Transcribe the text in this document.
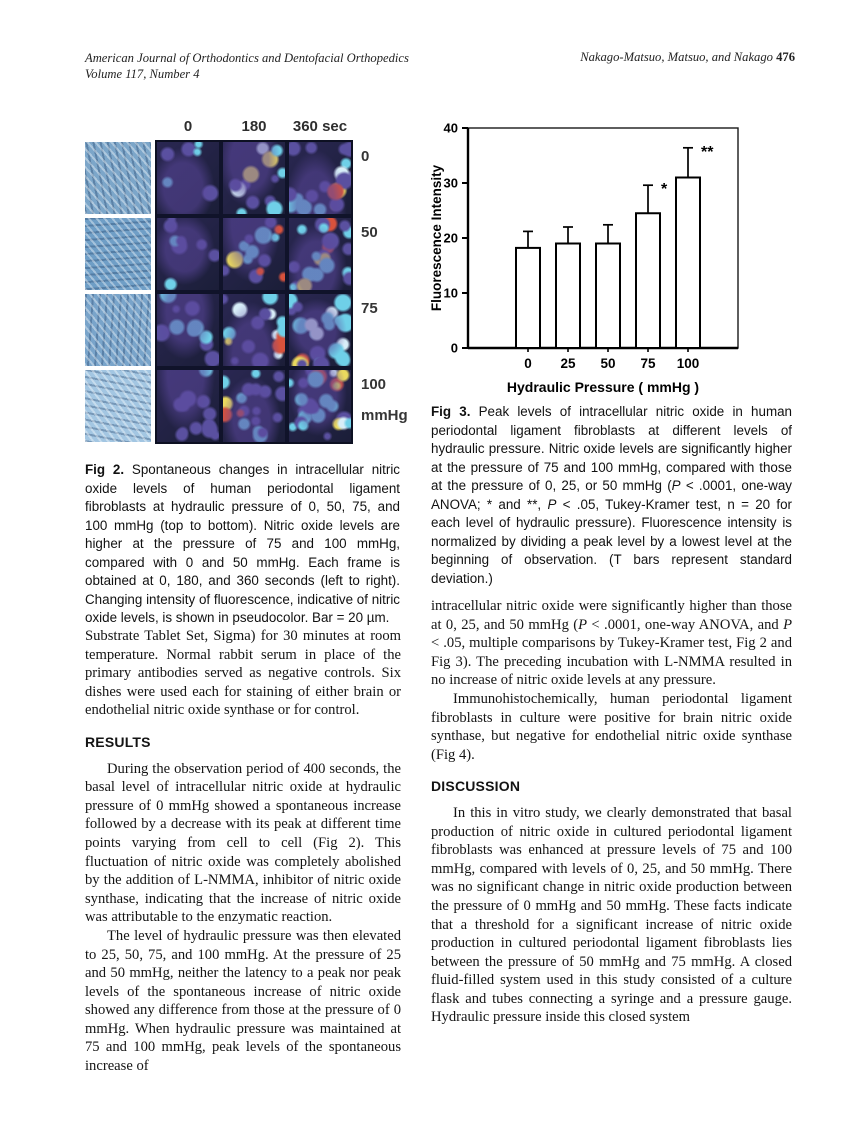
American Journal of Orthodontics and Dentofacial Orthopedics
Volume 117, Number 4
Nakago-Matsuo, Matsuo, and Nakago 476
0	180	360 sec
0
50
75
100
mmHg
Fig 2. Spontaneous changes in intracellular nitric oxide levels of human periodontal ligament fibroblasts at hydraulic pressure of 0, 50, 75, and 100 mmHg (top to bottom). Nitric oxide levels are higher at the pressure of 75 and 100 mmHg, compared with 0 and 50 mmHg. Each frame is obtained at 0, 180, and 360 seconds (left to right). Changing intensity of fluorescence, indicative of nitric oxide levels, is shown in pseudocolor. Bar = 20 µm.
0
10
20
30
40
0 25 50 75
*
100
**
Hydraulic Pressure ( mmHg )
Fluorescence Intensity
Fig 3. Peak levels of intracellular nitric oxide in human periodontal ligament fibroblasts at different levels of hydraulic pressure. Nitric oxide levels are significantly higher at the pressure of 75 and 100 mmHg, compared with those at the pressure of 0, 25, or 50 mmHg (P < .0001, one-way ANOVA; * and **, P < .05, Tukey-Kramer test, n = 20 for each level of hydraulic pressure). Fluorescence intensity is normalized by dividing a peak level by a lowest level at the beginning of observation. (T bars represent standard deviation.)

Substrate Tablet Set, Sigma) for 30 minutes at room temperature. Normal rabbit serum in place of the primary antibodies served as negative controls. Six dishes were used each for staining of either brain or endothelial nitric oxide synthase or for control.

RESULTS

During the observation period of 400 seconds, the basal level of intracellular nitric oxide at hydraulic pressure of 0 mmHg showed a spontaneous increase followed by a decrease with its peak at different time points varying from cell to cell (Fig 2). This fluctuation of nitric oxide was completely abolished by the addition of L-NMMA, inhibitor of nitric oxide synthase, indicating that the increase of nitric oxide was attributable to the enzymatic reaction.

The level of hydraulic pressure was then elevated to 25, 50, 75, and 100 mmHg. At the pressure of 25 and 50 mmHg, neither the latency to a peak nor peak levels of the spontaneous increase of nitric oxide showed any difference from those at the pressure of 0 mmHg. When hydraulic pressure was maintained at 75 and 100 mmHg, peak levels of the spontaneous increase of

intracellular nitric oxide were significantly higher than those at 0, 25, and 50 mmHg (P < .0001, one-way ANOVA, and P < .05, multiple comparisons by Tukey-Kramer test, Fig 2 and Fig 3). The preceding incubation with L-NMMA resulted in no increase of nitric oxide levels at any pressure.

Immunohistochemically, human periodontal ligament fibroblasts in culture were positive for brain nitric oxide synthase, but negative for endothelial nitric oxide synthase (Fig 4).

DISCUSSION

In this in vitro study, we clearly demonstrated that basal production of nitric oxide in cultured periodontal ligament fibroblasts was enhanced at pressure levels of 75 and 100 mmHg, compared with levels of 0, 25, and 50 mmHg. There was no significant change in nitric oxide production between the pressure of 0 mmHg and 50 mmHg. These facts indicate that a threshold for a significant increase of nitric oxide production in cultured periodontal ligament fibroblasts lies between the pressure of 50 mmHg and 75 mmHg. A closed fluid-filled system used in this study consisted of a culture flask and tubes connecting a syringe and a pressure gauge. Hydraulic pressure inside this closed system
